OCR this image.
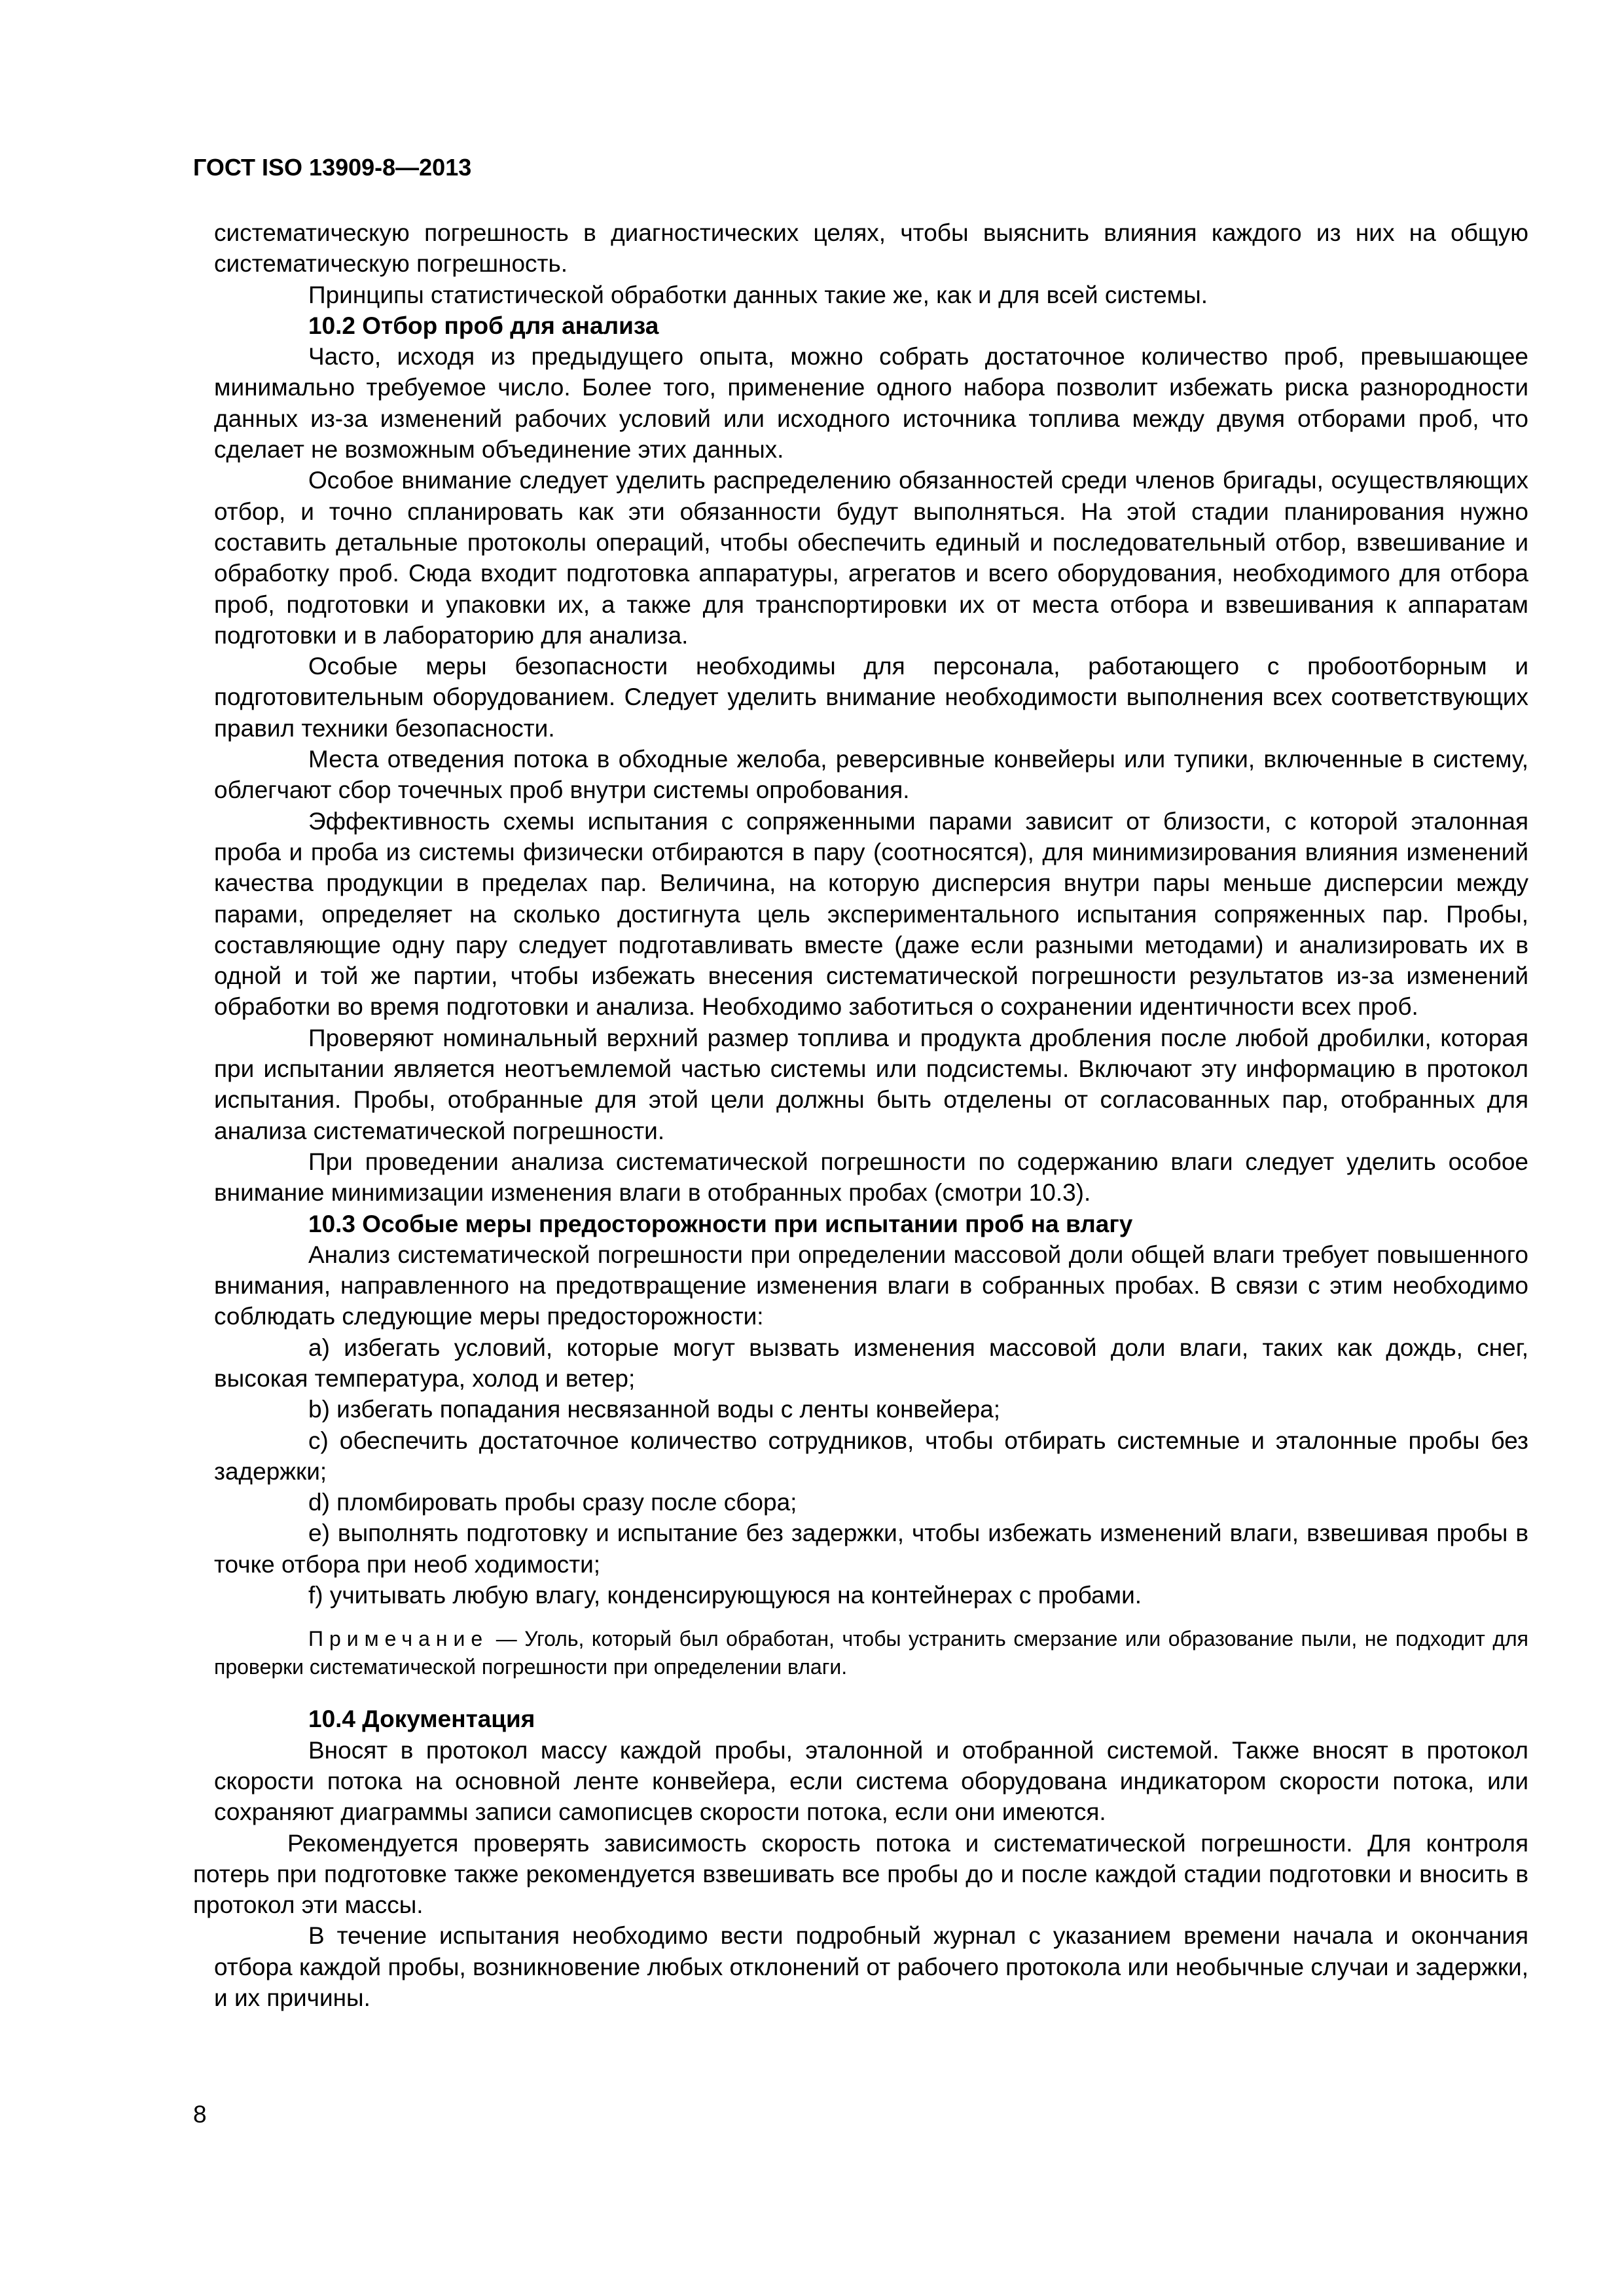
ГОСТ ISO 13909-8—2013

систематическую погрешность в диагностических целях, чтобы выяснить влияния каждого из них на общую систематическую погрешность.

Принципы статистической обработки данных такие же, как и для всей системы.

10.2 Отбор проб для анализа

Часто, исходя из предыдущего опыта, можно собрать достаточное количество проб, превышающее минимально требуемое число. Более того, применение одного набора позволит избежать риска разнородности данных из-за изменений рабочих условий или исходного источника топлива между двумя отборами проб, что сделает не возможным объединение этих данных.

Особое внимание следует уделить распределению обязанностей среди членов бригады, осуществляющих отбор, и точно спланировать как эти обязанности будут выполняться. На этой стадии планирования нужно составить детальные протоколы операций, чтобы обеспечить единый и последовательный отбор, взвешивание и обработку проб. Сюда входит подготовка аппаратуры, агрегатов и всего оборудования, необходимого для отбора проб, подготовки и упаковки их, а также для транспортировки их от места отбора и взвешивания к аппаратам подготовки и в лабораторию для анализа.

Особые меры безопасности необходимы для персонала, работающего с пробоотборным и подготовительным оборудованием. Следует уделить внимание необходимости выполнения всех соответствующих правил техники безопасности.

Места отведения потока в обходные желоба, реверсивные конвейеры или тупики, включенные в систему, облегчают сбор точечных проб внутри системы опробования.

Эффективность схемы испытания с сопряженными парами зависит от близости, с которой эталонная проба и проба из системы физически отбираются в пару (соотносятся), для минимизирования влияния изменений качества продукции в пределах пар. Величина, на которую дисперсия внутри пары меньше дисперсии между парами, определяет на сколько достигнута цель экспериментального испытания сопряженных пар. Пробы, составляющие одну пару следует подготавливать вместе (даже если разными методами) и анализировать их в одной и той же партии, чтобы избежать внесения систематической погрешности результатов из-за изменений обработки во время подготовки и анализа. Необходимо заботиться о сохранении идентичности всех проб.

Проверяют номинальный верхний размер топлива и продукта дробления после любой дробилки, которая при испытании является неотъемлемой частью системы или подсистемы. Включают эту информацию в протокол испытания. Пробы, отобранные для этой цели должны быть отделены от согласованных пар, отобранных для анализа систематической погрешности.

При проведении анализа систематической погрешности по содержанию влаги следует уделить особое внимание минимизации изменения влаги в отобранных пробах (смотри 10.3).

10.3 Особые меры предосторожности при испытании проб на влагу

Анализ систематической погрешности при определении массовой доли общей влаги требует повышенного внимания, направленного на предотвращение изменения влаги в собранных пробах. В связи с этим необходимо соблюдать следующие меры предосторожности:

a) избегать условий, которые могут вызвать изменения массовой доли влаги, таких как дождь, снег, высокая температура, холод и ветер;

b) избегать попадания несвязанной воды с ленты конвейера;

c) обеспечить достаточное количество сотрудников, чтобы отбирать системные и эталонные пробы без задержки;

d) пломбировать пробы сразу после сбора;

e) выполнять подготовку и испытание без задержки, чтобы избежать изменений влаги, взвешивая пробы в точке отбора при необ ходимости;

f) учитывать любую влагу, конденсирующуюся на контейнерах с пробами.

Примечание — Уголь, который был обработан, чтобы устранить смерзание или образование пыли, не подходит для проверки систематической погрешности при определении влаги.
10.4 Документация

Вносят в протокол массу каждой пробы, эталонной и отобранной системой. Также вносят в протокол скорости потока на основной ленте конвейера, если система оборудована индикатором скорости потока, или сохраняют диаграммы записи самописцев скорости потока, если они имеются.

Рекомендуется проверять зависимость скорость потока и систематической погрешности. Для контроля потерь при подготовке также рекомендуется взвешивать все пробы до и после каждой стадии подготовки и вносить в протокол эти массы.

В течение испытания необходимо вести подробный журнал с указанием времени начала и окончания отбора каждой пробы, возникновение любых отклонений от рабочего протокола или необычные случаи и задержки, и их причины.

8
